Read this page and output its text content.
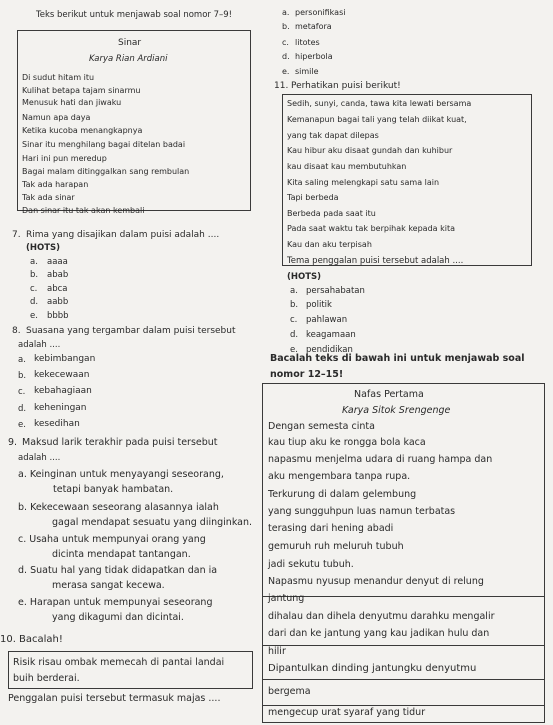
Teks berikut untuk menjawab soal nomor 7–9!
Sinar
Karya Rian Ardiani
Di sudut hitam itu
Kulihat betapa tajam sinarmu
Menusuk hati dan jiwaku
Namun apa daya
Ketika kucoba menangkapnya
Sinar itu menghilang bagai ditelan badai
Hari ini pun meredup
Bagai malam ditinggalkan sang rembulan
Tak ada harapan
Tak ada sinar
Dan sinar itu tak akan kembali
7. Rima yang disajikan dalam puisi adalah ....
(HOTS)
a. aaaa
b. abab
c. abca
d. aabb
e. bbbb
8. Suasana yang tergambar dalam puisi tersebut
adalah ....
a. kebimbangan
b. kekecewaan
c. kebahagiaan
d. keheningan
e. kesedihan
9. Maksud larik terakhir pada puisi tersebut
adalah ....
a. Keinginan untuk menyayangi seseorang,
tetapi banyak hambatan.
b. Kekecewaan seseorang alasannya ialah
gagal mendapat sesuatu yang diinginkan.
c. Usaha untuk mempunyai orang yang
dicinta mendapat tantangan.
d. Suatu hal yang tidak didapatkan dan ia
merasa sangat kecewa.
e. Harapan untuk mempunyai seseorang
yang dikagumi dan dicintai.
10. Bacalah!
Risik risau ombak memecah di pantai landai
buih berderai.
Penggalan puisi tersebut termasuk majas ....
a. personifikasi
b. metafora
c. litotes
d. hiperbola
e. simile
11. Perhatikan puisi berikut!
Sedih, sunyi, canda, tawa kita lewati bersama
Kemanapun bagai tali yang telah diikat kuat,
yang tak dapat dilepas
Kau hibur aku disaat gundah dan kuhibur
kau disaat kau membutuhkan
Kita saling melengkapi satu sama lain
Tapi berbeda
Berbeda pada saat itu
Pada saat waktu tak berpihak kepada kita
Kau dan aku terpisah
Tema penggalan puisi tersebut adalah ....
(HOTS)
a. persahabatan
b. politik
c. pahlawan
d. keagamaan
e. pendidikan
Bacalah teks di bawah ini untuk menjawab soal
nomor 12–15!
Nafas Pertama
Karya Sitok Srengenge
Dengan semesta cinta
kau tiup aku ke rongga bola kaca
napasmu menjelma udara di ruang hampa dan
aku mengembara tanpa rupa.
Terkurung di dalam gelembung
yang sungguhpun luas namun terbatas
terasing dari hening abadi
gemuruh ruh meluruh tubuh
jadi sekutu tubuh.
Napasmu nyusup menandur denyut di relung
jantung
dihalau dan dihela denyutmu darahku mengalir
dari dan ke jantung yang kau jadikan hulu dan
hilir
Dipantulkan dinding jantungku denyutmu
bergema
mengecup urat syaraf yang tidur
